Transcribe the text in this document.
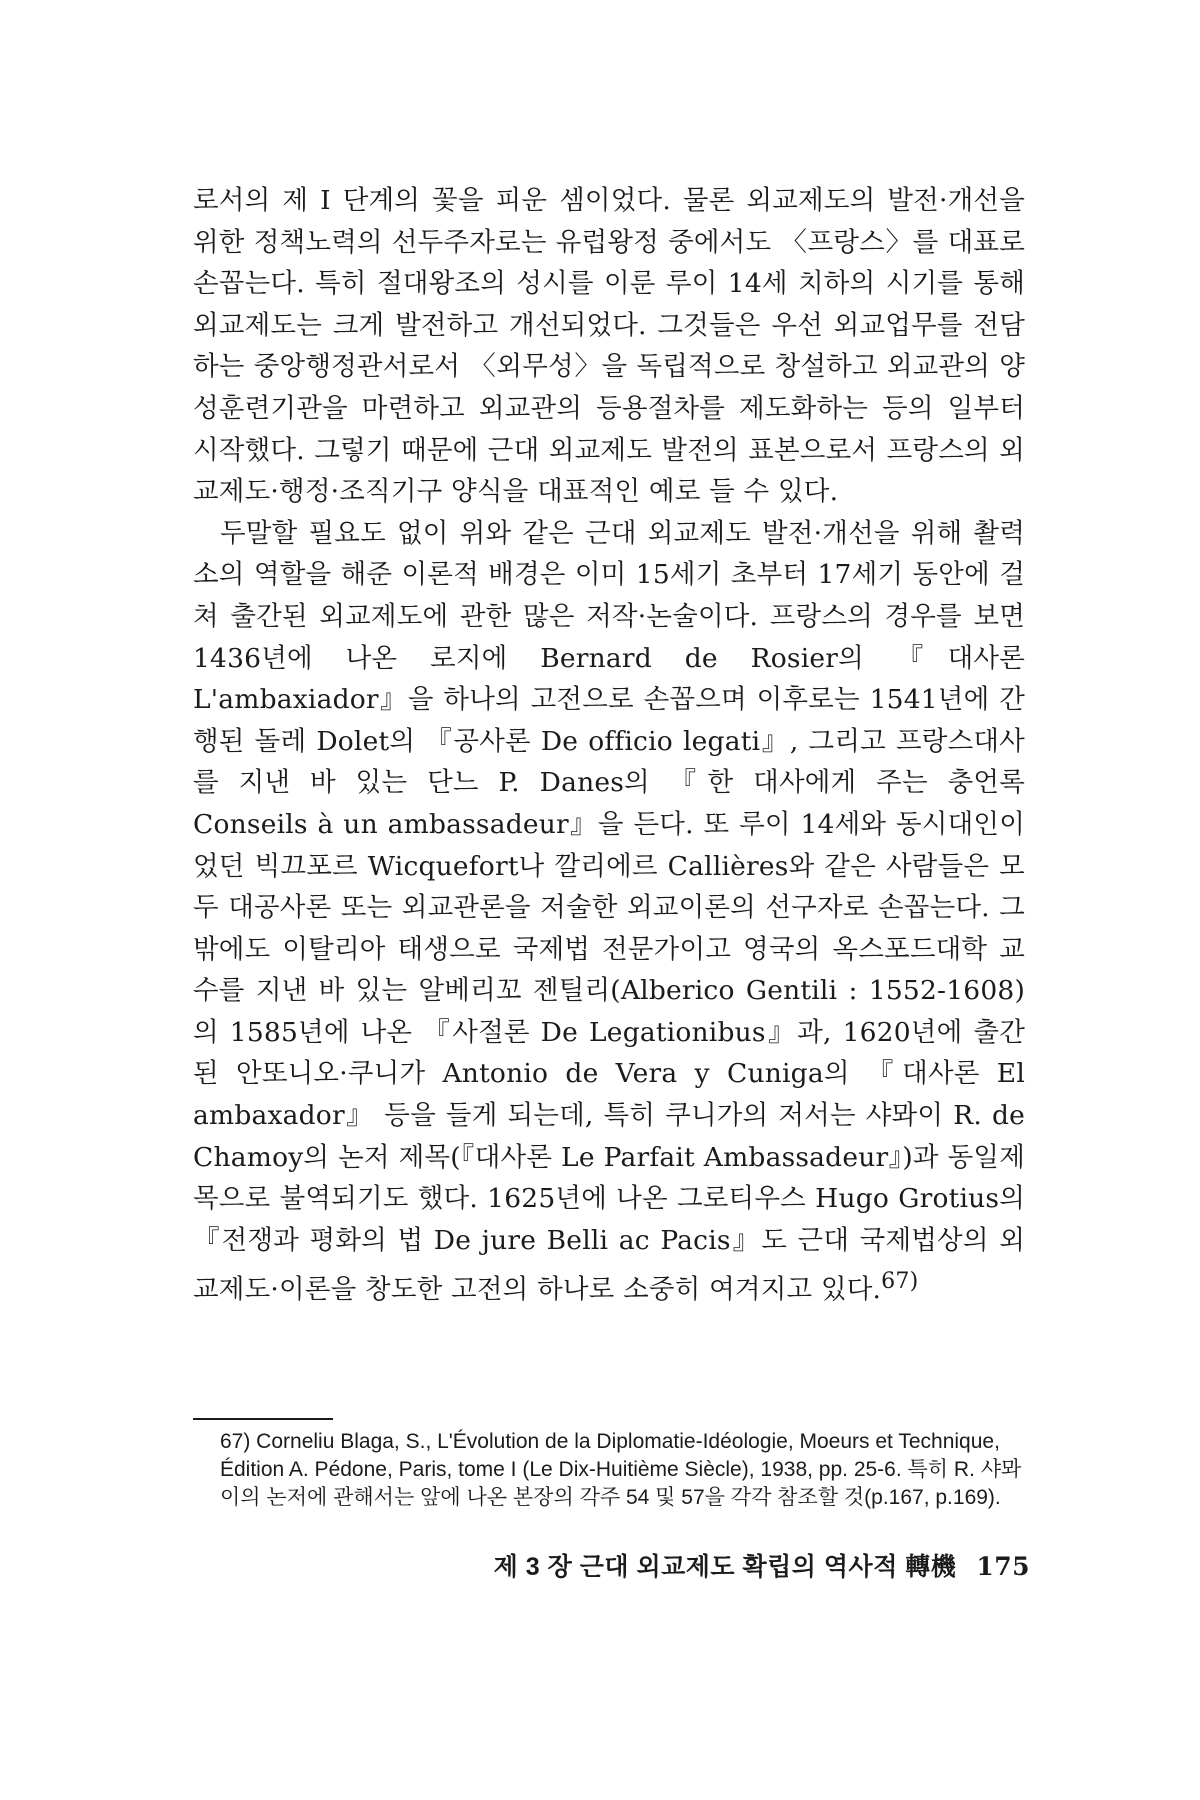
로서의 제 I 단계의 꽃을 피운 셈이었다. 물론 외교제도의 발전·개선을 위한 정책노력의 선두주자로는 유럽왕정 중에서도 〈프랑스〉를 대표로 손꼽는다. 특히 절대왕조의 성시를 이룬 루이 14세 치하의 시기를 통해 외교제도는 크게 발전하고 개선되었다. 그것들은 우선 외교업무를 전담하는 중앙행정관서로서 〈외무성〉을 독립적으로 창설하고 외교관의 양성훈련기관을 마련하고 외교관의 등용절차를 제도화하는 등의 일부터 시작했다. 그렇기 때문에 근대 외교제도 발전의 표본으로서 프랑스의 외교제도·행정·조직기구 양식을 대표적인 예로 들 수 있다.

두말할 필요도 없이 위와 같은 근대 외교제도 발전·개선을 위해 촬력소의 역할을 해준 이론적 배경은 이미 15세기 초부터 17세기 동안에 걸쳐 출간된 외교제도에 관한 많은 저작·논술이다. 프랑스의 경우를 보면 1436년에 나온 로지에 Bernard de Rosier의 『대사론 L'ambaxiador』을 하나의 고전으로 손꼽으며 이후로는 1541년에 간행된 돌레 Dolet의 『공사론 De officio legati』, 그리고 프랑스대사를 지낸 바 있는 단느 P. Danes의 『한 대사에게 주는 충언록 Conseils à un ambassadeur』을 든다. 또 루이 14세와 동시대인이었던 빅끄포르 Wicquefort나 깔리에르 Callières와 같은 사람들은 모두 대공사론 또는 외교관론을 저술한 외교이론의 선구자로 손꼽는다. 그 밖에도 이탈리아 태생으로 국제법 전문가이고 영국의 옥스포드대학 교수를 지낸 바 있는 알베리꼬 젠틸리(Alberico Gentili : 1552-1608)의 1585년에 나온 『사절론 De Legationibus』과, 1620년에 출간된 안또니오·쿠니가 Antonio de Vera y Cuniga의 『대사론 El ambaxador』 등을 들게 되는데, 특히 쿠니가의 저서는 샤뫄이 R. de Chamoy의 논저 제목(『대사론 Le Parfait Ambassadeur』)과 동일제목으로 불역되기도 했다. 1625년에 나온 그로티우스 Hugo Grotius의 『전쟁과 평화의 법 De jure Belli ac Pacis』도 근대 국제법상의 외교제도·이론을 창도한 고전의 하나로 소중히 여겨지고 있다.$^{67)}$

67) Corneliu Blaga, S., L'Évolution de la Diplomatie-Idéologie, Moeurs et Technique, Édition A. Pédone, Paris, tome I (Le Dix-Huitième Siècle), 1938, pp. 25-6. 특히 R. 샤뫄이의 논저에 관해서는 앞에 나온 본장의 각주 54 및 57을 각각 참조할 것(p.167, p.169).

제 3 장 근대 외교제도 확립의 역사적 轉機 175
